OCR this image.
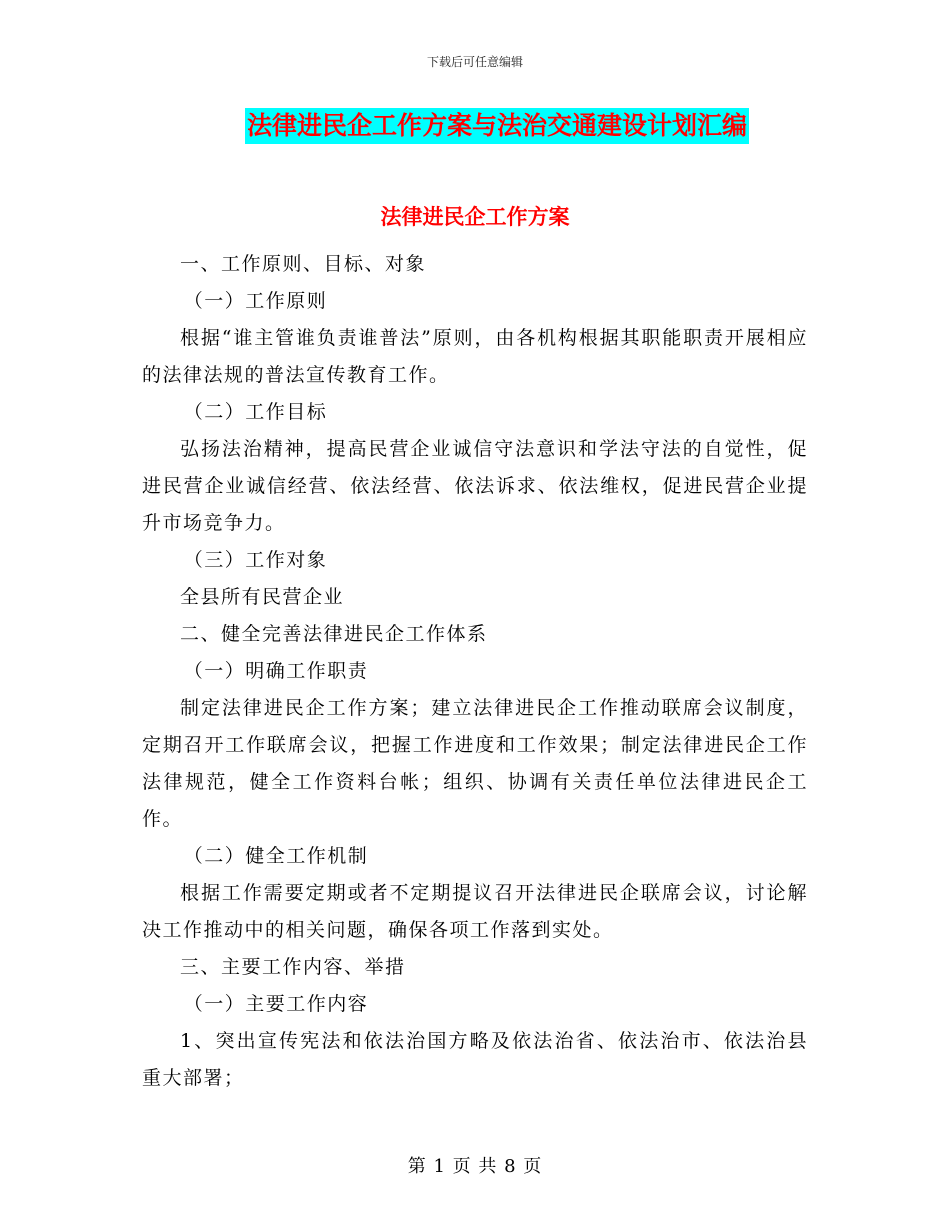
下载后可任意编辑
法律进民企工作方案与法治交通建设计划汇编
法律进民企工作方案

一、工作原则、目标、对象

（一）工作原则

根据“谁主管谁负责谁普法”原则，由各机构根据其职能职责开展相应的法律法规的普法宣传教育工作。

（二）工作目标

弘扬法治精神，提高民营企业诚信守法意识和学法守法的自觉性，促进民营企业诚信经营、依法经营、依法诉求、依法维权，促进民营企业提升市场竞争力。

（三）工作对象

全县所有民营企业

二、健全完善法律进民企工作体系

（一）明确工作职责

制定法律进民企工作方案；建立法律进民企工作推动联席会议制度，定期召开工作联席会议，把握工作进度和工作效果；制定法律进民企工作法律规范，健全工作资料台帐；组织、协调有关责任单位法律进民企工作。

（二）健全工作机制

根据工作需要定期或者不定期提议召开法律进民企联席会议，讨论解决工作推动中的相关问题，确保各项工作落到实处。

三、主要工作内容、举措

（一）主要工作内容

1、突出宣传宪法和依法治国方略及依法治省、依法治市、依法治县重大部署；

第 1 页 共 8 页
